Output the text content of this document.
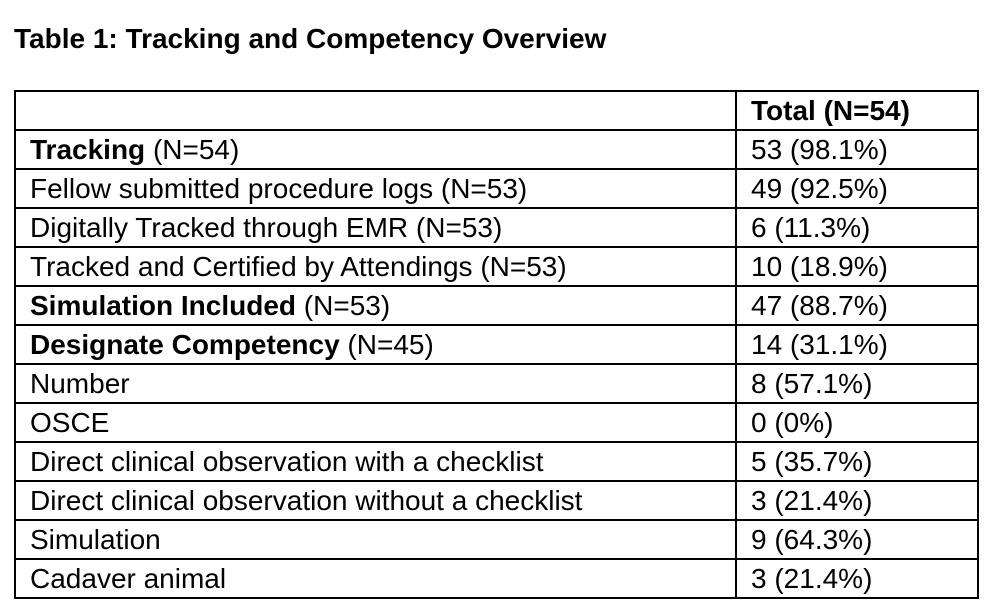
Table 1: Tracking and Competency Overview
	Total (N=54)
Tracking (N=54)	53 (98.1%)
Fellow submitted procedure logs (N=53)	49 (92.5%)
Digitally Tracked through EMR (N=53)	6 (11.3%)
Tracked and Certified by Attendings (N=53)	10 (18.9%)
Simulation Included (N=53)	47 (88.7%)
Designate Competency (N=45)	14 (31.1%)
Number	8 (57.1%)
OSCE	0 (0%)
Direct clinical observation with a checklist	5 (35.7%)
Direct clinical observation without a checklist	3 (21.4%)
Simulation	9 (64.3%)
Cadaver animal	3 (21.4%)
